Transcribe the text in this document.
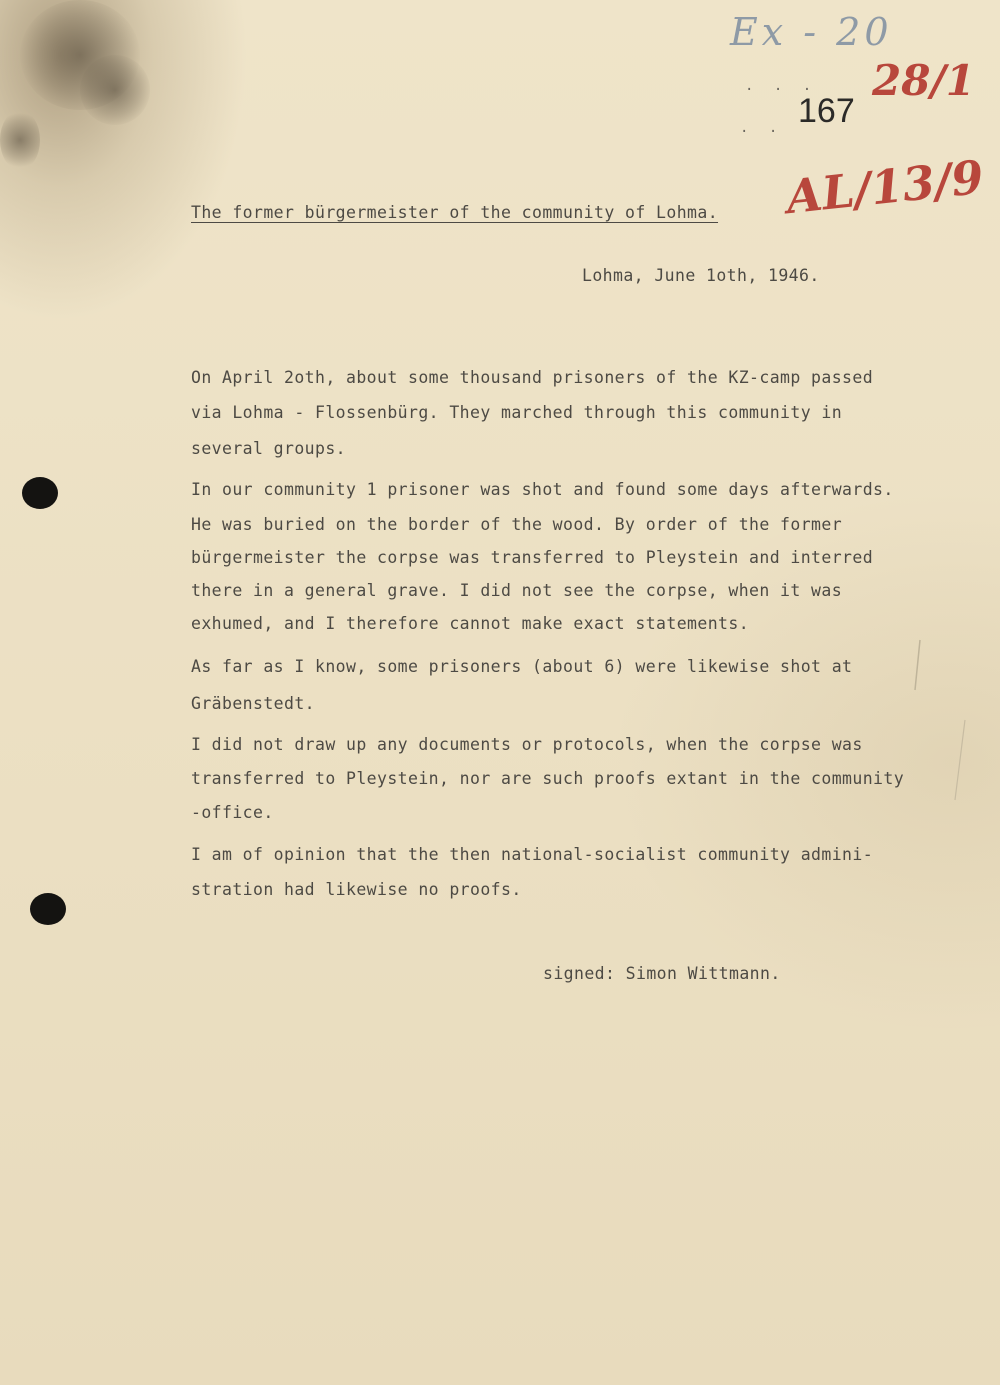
Ex - 20
. . .
. . 167
28/1
AL/13/9
The former bürgermeister of the community of Lohma.
Lohma, June 1oth, 1946.
On April 2oth, about some thousand prisoners of the KZ-camp passed
via Lohma - Flossenbürg. They marched through this community in
several groups.
In our community 1 prisoner was shot and found some days afterwards.
He was buried on the border of the wood. By order of the former
bürgermeister the corpse was transferred to Pleystein and interred
there in a general grave. I did not see the corpse, when it was
exhumed, and I therefore cannot make exact statements.
As far as I know, some prisoners (about 6) were likewise shot at
Gräbenstedt.
I did not draw up any documents or protocols, when the corpse was
transferred to Pleystein, nor are such proofs extant in the community
-office.
I am of opinion that the then national-socialist community admini-
stration had likewise no proofs.
signed: Simon Wittmann.
